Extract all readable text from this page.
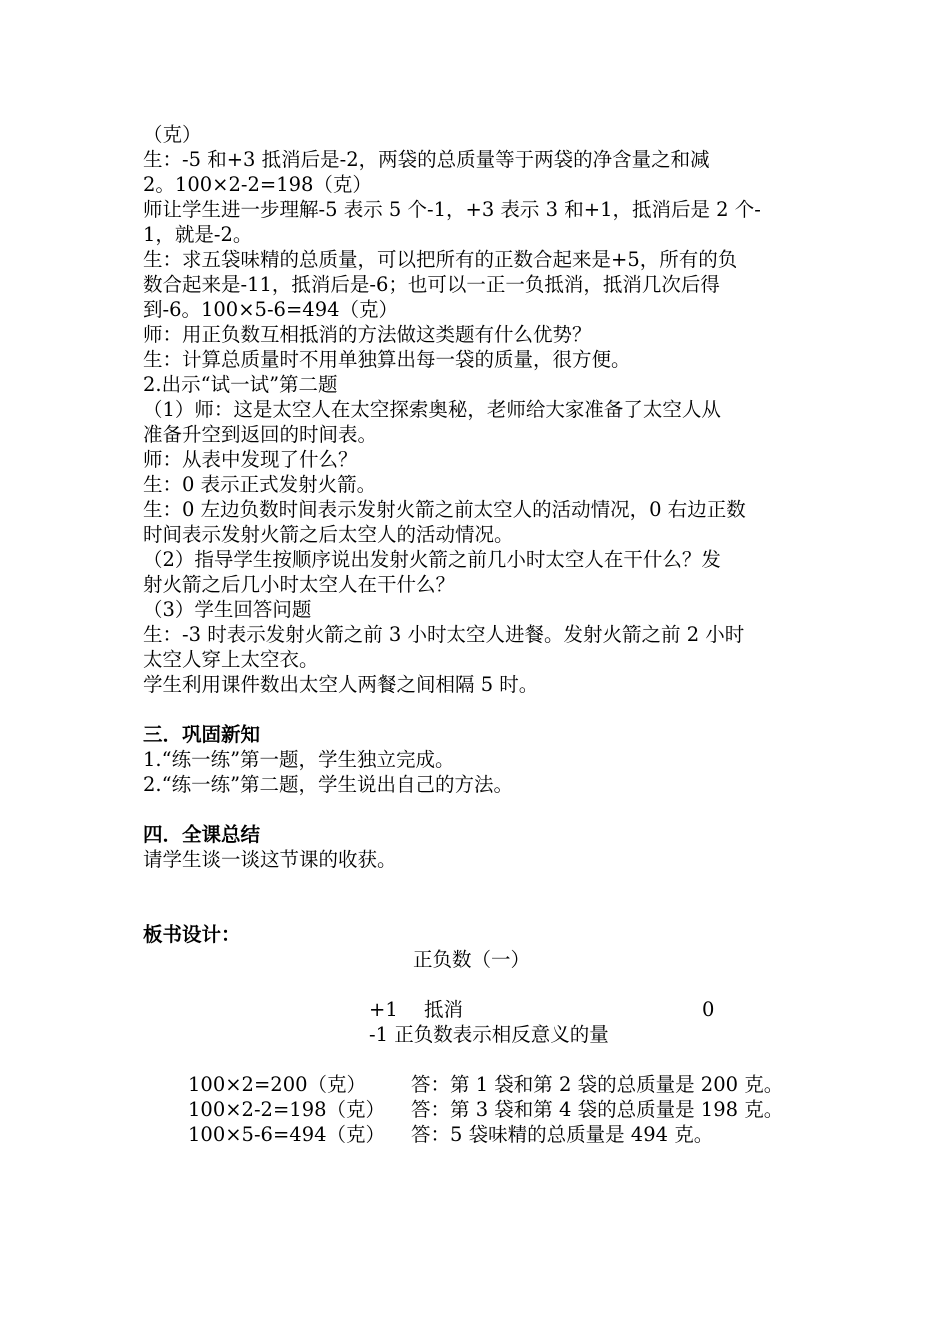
（克）
生：-5 和+3 抵消后是-2，两袋的总质量等于两袋的净含量之和减
2。100×2-2=198（克）
师让学生进一步理解-5 表示 5 个-1，+3 表示 3 和+1，抵消后是 2 个-
1，就是-2。
生：求五袋味精的总质量，可以把所有的正数合起来是+5，所有的负
数合起来是-11，抵消后是-6；也可以一正一负抵消，抵消几次后得
到-6。100×5-6=494（克）
师：用正负数互相抵消的方法做这类题有什么优势？
生：计算总质量时不用单独算出每一袋的质量，很方便。
2.出示“试一试”第二题
（1）师：这是太空人在太空探索奥秘，老师给大家准备了太空人从
准备升空到返回的时间表。
师：从表中发现了什么？
生：0 表示正式发射火箭。
生：0 左边负数时间表示发射火箭之前太空人的活动情况，0 右边正数
时间表示发射火箭之后太空人的活动情况。
（2）指导学生按顺序说出发射火箭之前几小时太空人在干什么？发
射火箭之后几小时太空人在干什么？
（3）学生回答问题
生：-3 时表示发射火箭之前 3 小时太空人进餐。发射火箭之前 2 小时
太空人穿上太空衣。
学生利用课件数出太空人两餐之间相隔 5 时。
三．巩固新知
1.“练一练”第一题，学生独立完成。
2.“练一练”第二题，学生说出自己的方法。
四．全课总结
请学生谈一谈这节课的收获。
板书设计：
正负数（一）
+1 抵消	0
-1 正负数表示相反意义的量
100×2=200（克） 答：第 1 袋和第 2 袋的总质量是 200 克。
100×2-2=198（克） 答：第 3 袋和第 4 袋的总质量是 198 克。
100×5-6=494（克） 答：5 袋味精的总质量是 494 克。
